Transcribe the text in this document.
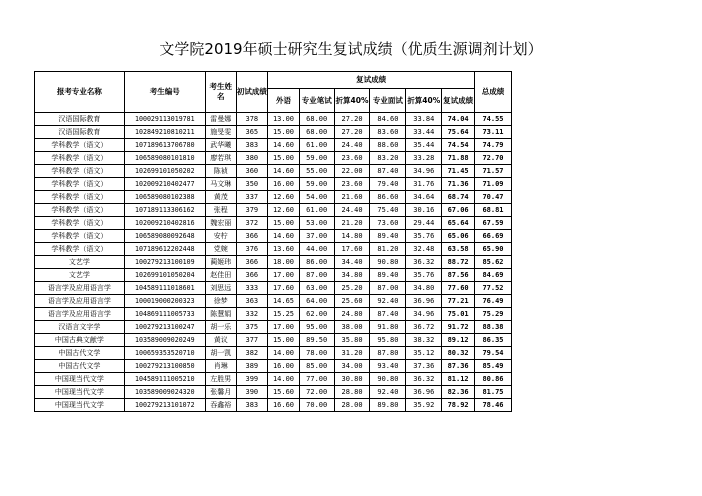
文学院2019年硕士研究生复试成绩（优质生源调剂计划）
报考专业名称	考生编号	考生姓名	初试成绩	复试成绩						总成绩
				外语	专业笔试	折算40%	专业面试	折算40%	复试成绩	
汉语国际教育	100029113019781	雷曼娜	378	13.00	68.00	27.20	84.60	33.84	74.04	74.55
汉语国际教育	102849210810211	施旻雯	365	15.00	68.00	27.20	83.60	33.44	75.64	73.11
学科教学（语文）	107189613706780	武华曦	383	14.60	61.00	24.40	88.60	35.44	74.54	74.79
学科教学（语文）	106589080101810	廖若琪	380	15.00	59.00	23.60	83.20	33.28	71.88	72.70
学科教学（语文）	102699101050202	陈祯	360	14.60	55.00	22.00	87.40	34.96	71.45	71.57
学科教学（语文）	102009210402477	马文琳	350	16.00	59.00	23.60	79.40	31.76	71.36	71.09
学科教学（语文）	106589080102388	黄茂	337	12.60	54.00	21.60	86.60	34.64	68.74	70.47
学科教学（语文）	107189113306162	张程	379	12.60	61.00	24.40	75.40	30.16	67.06	68.81
学科教学（语文）	102009210402816	魏宏丽	372	15.00	53.00	21.20	73.60	29.44	65.64	67.59
学科教学（语文）	106589080092648	安柠	366	14.60	37.00	14.80	89.40	35.76	65.06	66.69
学科教学（语文）	107189612202448	党婉	376	13.60	44.00	17.60	81.20	32.48	63.58	65.90
文艺学	100279213100109	蔺姬玮	366	18.00	86.00	34.40	90.80	36.32	88.72	85.62
文艺学	102699101050204	赵佳田	366	17.00	87.00	34.80	89.40	35.76	87.56	84.69
语言学及应用语言学	104589111018601	刘思远	333	17.60	63.00	25.20	87.00	34.80	77.60	77.52
语言学及应用语言学	100019000200323	徐梦	363	14.65	64.00	25.60	92.40	36.96	77.21	76.49
语言学及应用语言学	104869111005733	陈慧娟	332	15.25	62.00	24.80	87.40	34.96	75.01	75.29
汉语言文字学	100279213100247	胡一乐	375	17.00	95.00	38.00	91.80	36.72	91.72	88.38
中国古典文献学	103589009020249	黄议	377	15.00	89.50	35.80	95.80	38.32	89.12	86.35
中国古代文学	100659353520710	胡一凯	382	14.00	78.00	31.20	87.80	35.12	80.32	79.54
中国古代文学	100279213100850	肖琳	389	16.00	85.00	34.00	93.40	37.36	87.36	85.49
中国现当代文学	104589111005210	左胜男	399	14.00	77.00	30.80	90.80	36.32	81.12	80.86
中国现当代文学	103589009024320	张馨月	390	15.60	72.00	28.80	92.40	36.96	82.36	81.75
中国现当代文学	100279213101072	吞鑫裕	383	16.60	70.00	28.00	89.80	35.92	78.92	78.46
